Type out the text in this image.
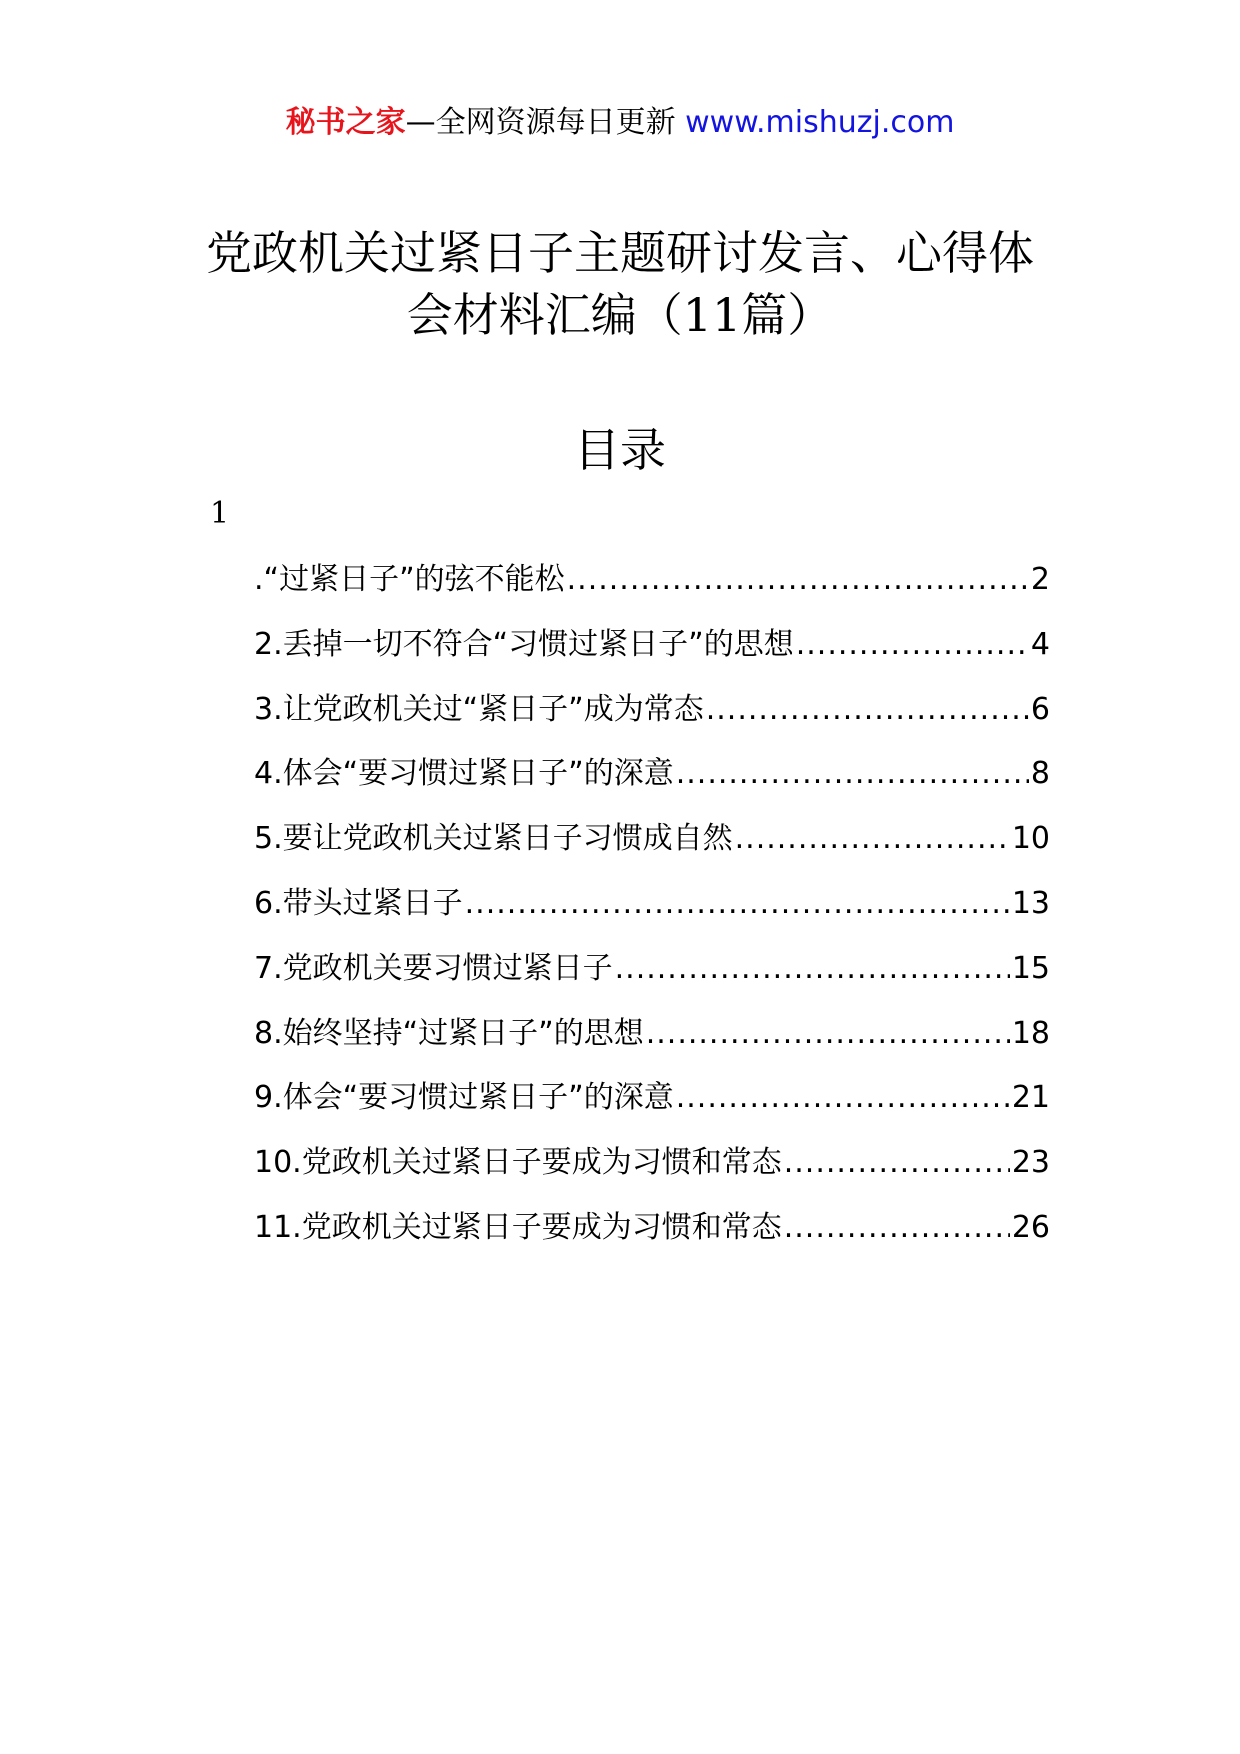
秘书之家—全网资源每日更新 www.mishuzj.com
党政机关过紧日子主题研讨发言、心得体
会材料汇编（11篇）
目录
1
.“过紧日子”的弦不能松 .....	2
2.丢掉一切不符合“习惯过紧日子”的思想 .....	4
3.让党政机关过“紧日子”成为常态 .....	6
4.体会“要习惯过紧日子”的深意 .....	8
5.要让党政机关过紧日子习惯成自然 .....	10
6.带头过紧日子 .....	13
7.党政机关要习惯过紧日子 .....	15
8.始终坚持“过紧日子”的思想 .....	18
9.体会“要习惯过紧日子”的深意 .....	21
10.党政机关过紧日子要成为习惯和常态 .....	23
11.党政机关过紧日子要成为习惯和常态 .....	26
